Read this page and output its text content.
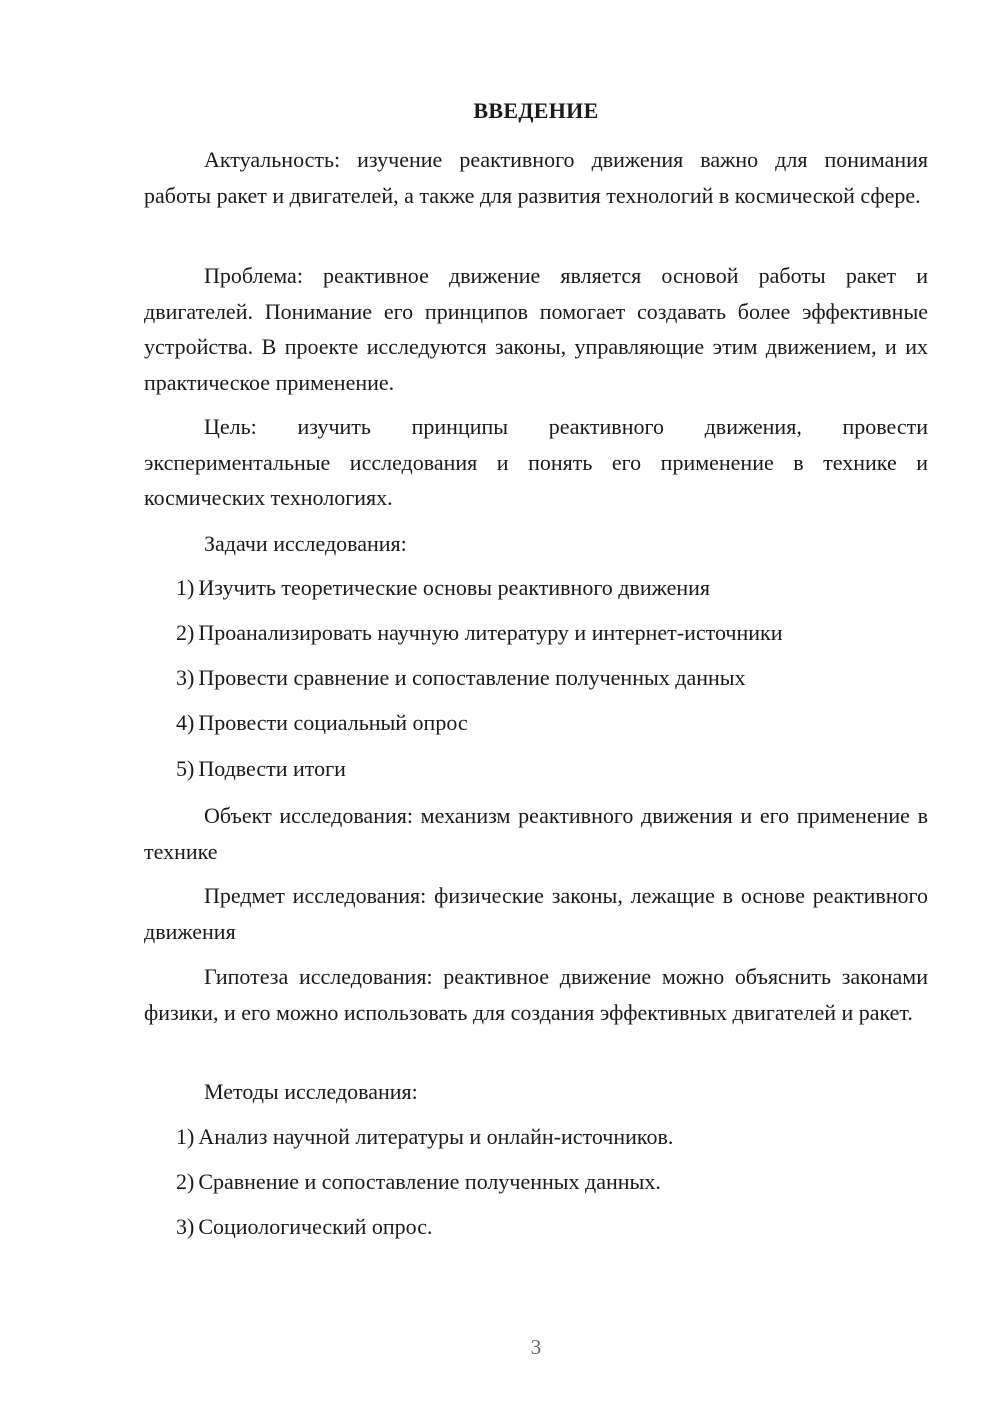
ВВЕДЕНИЕ

Актуальность: изучение реактивного движения важно для понимания работы ракет и двигателей, а также для развития технологий в космической сфере.

Проблема: реактивное движение является основой работы ракет и двигателей. Понимание его принципов помогает создавать более эффективные устройства. В проекте исследуются законы, управляющие этим движением, и их практическое применение.

Цель: изучить принципы реактивного движения, провести экспериментальные исследования и понять его применение в технике и космических технологиях.

Задачи исследования:

1) Изучить теоретические основы реактивного движения
2) Проанализировать научную литературу и интернет-источники
3) Провести сравнение и сопоставление полученных данных
4) Провести социальный опрос
5) Подвести итоги

Объект исследования: механизм реактивного движения и его применение в технике

Предмет исследования: физические законы, лежащие в основе реактивного движения

Гипотеза исследования: реактивное движение можно объяснить законами физики, и его можно использовать для создания эффективных двигателей и ракет.

Методы исследования:

1) Анализ научной литературы и онлайн-источников.
2) Сравнение и сопоставление полученных данных.
3) Социологический опрос.
3
